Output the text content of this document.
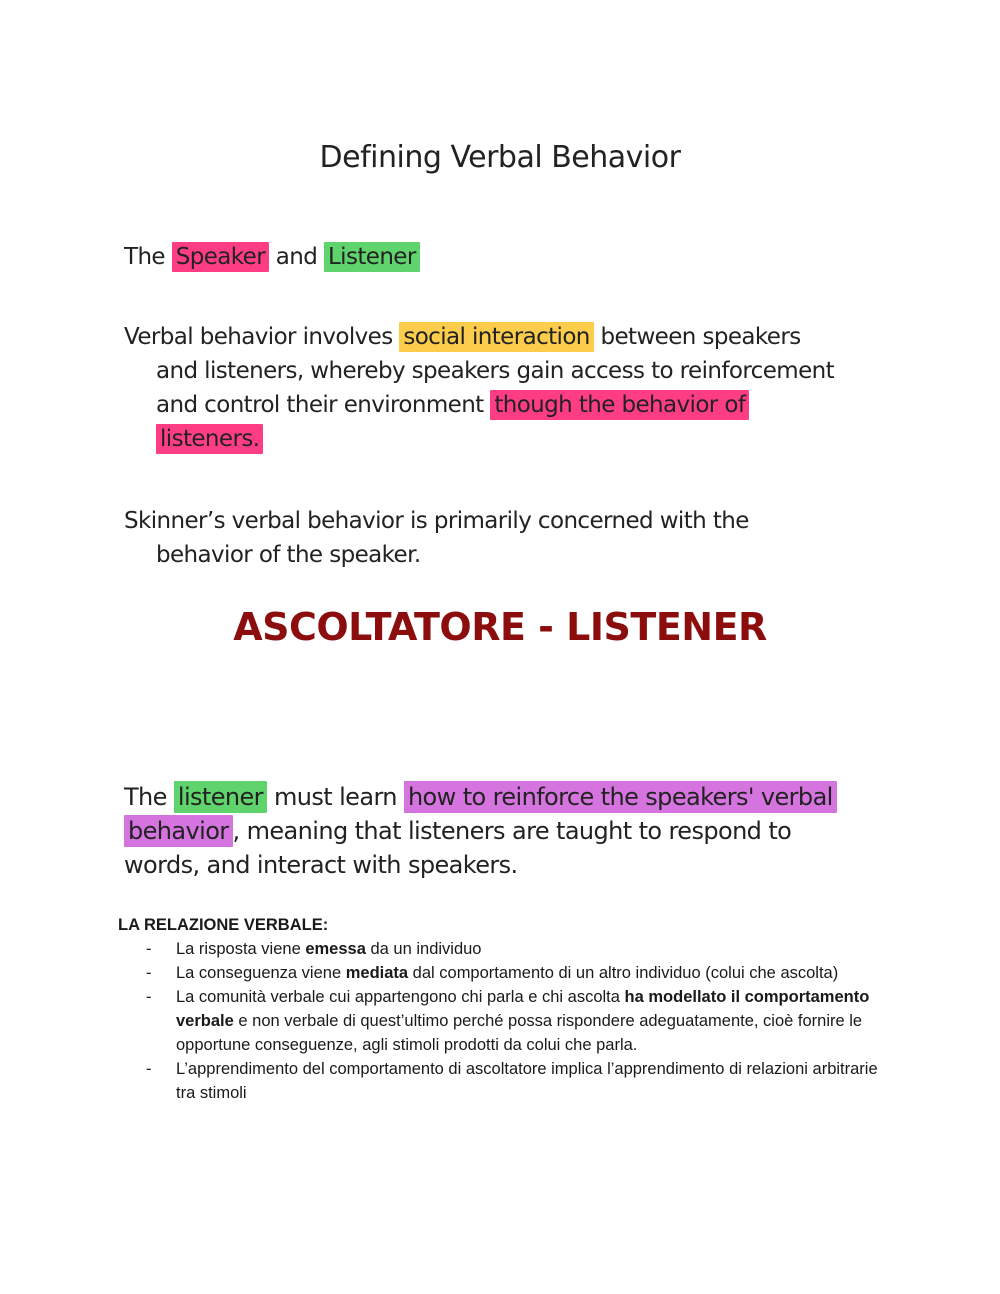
Defining Verbal Behavior
The Speaker and Listener
Verbal behavior involves social interaction between speakers
and listeners, whereby speakers gain access to reinforcement
and control their environment though the behavior of
listeners.
Skinner’s verbal behavior is primarily concerned with the
behavior of the speaker.
ASCOLTATORE - LISTENER
The listener must learn how to reinforce the speakers' verbal
behavior , meaning that listeners are taught to respond to
words, and interact with speakers.
LA RELAZIONE VERBALE:
- La risposta viene emessa da un individuo
- La conseguenza viene mediata dal comportamento di un altro individuo (colui che ascolta)
- La comunità verbale cui appartengono chi parla e chi ascolta ha modellato il comportamento verbale e non verbale di quest’ultimo perché possa rispondere adeguatamente, cioè fornire le opportune conseguenze, agli stimoli prodotti da colui che parla.
- L’apprendimento del comportamento di ascoltatore implica l’apprendimento di relazioni arbitrarie tra stimoli
